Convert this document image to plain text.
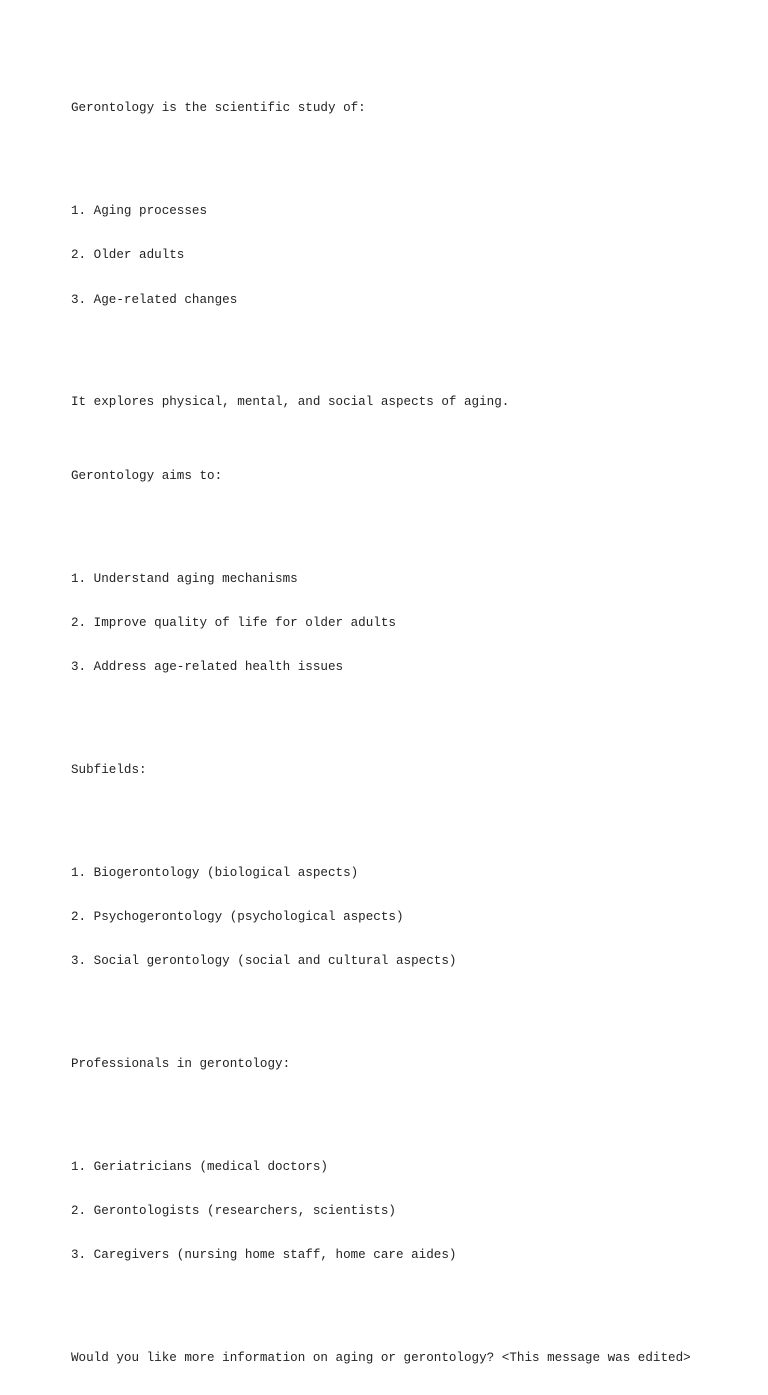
Gerontology is the scientific study of:

1. Aging processes

2. Older adults

3. Age-related changes

It explores physical, mental, and social aspects of aging.

Gerontology aims to:

1. Understand aging mechanisms

2. Improve quality of life for older adults

3. Address age-related health issues

Subfields:

1. Biogerontology (biological aspects)

2. Psychogerontology (psychological aspects)

3. Social gerontology (social and cultural aspects)

Professionals in gerontology:

1. Geriatricians (medical doctors)

2. Gerontologists (researchers, scientists)

3. Caregivers (nursing home staff, home care aides)

Would you like more information on aging or gerontology? <This message was edited>
